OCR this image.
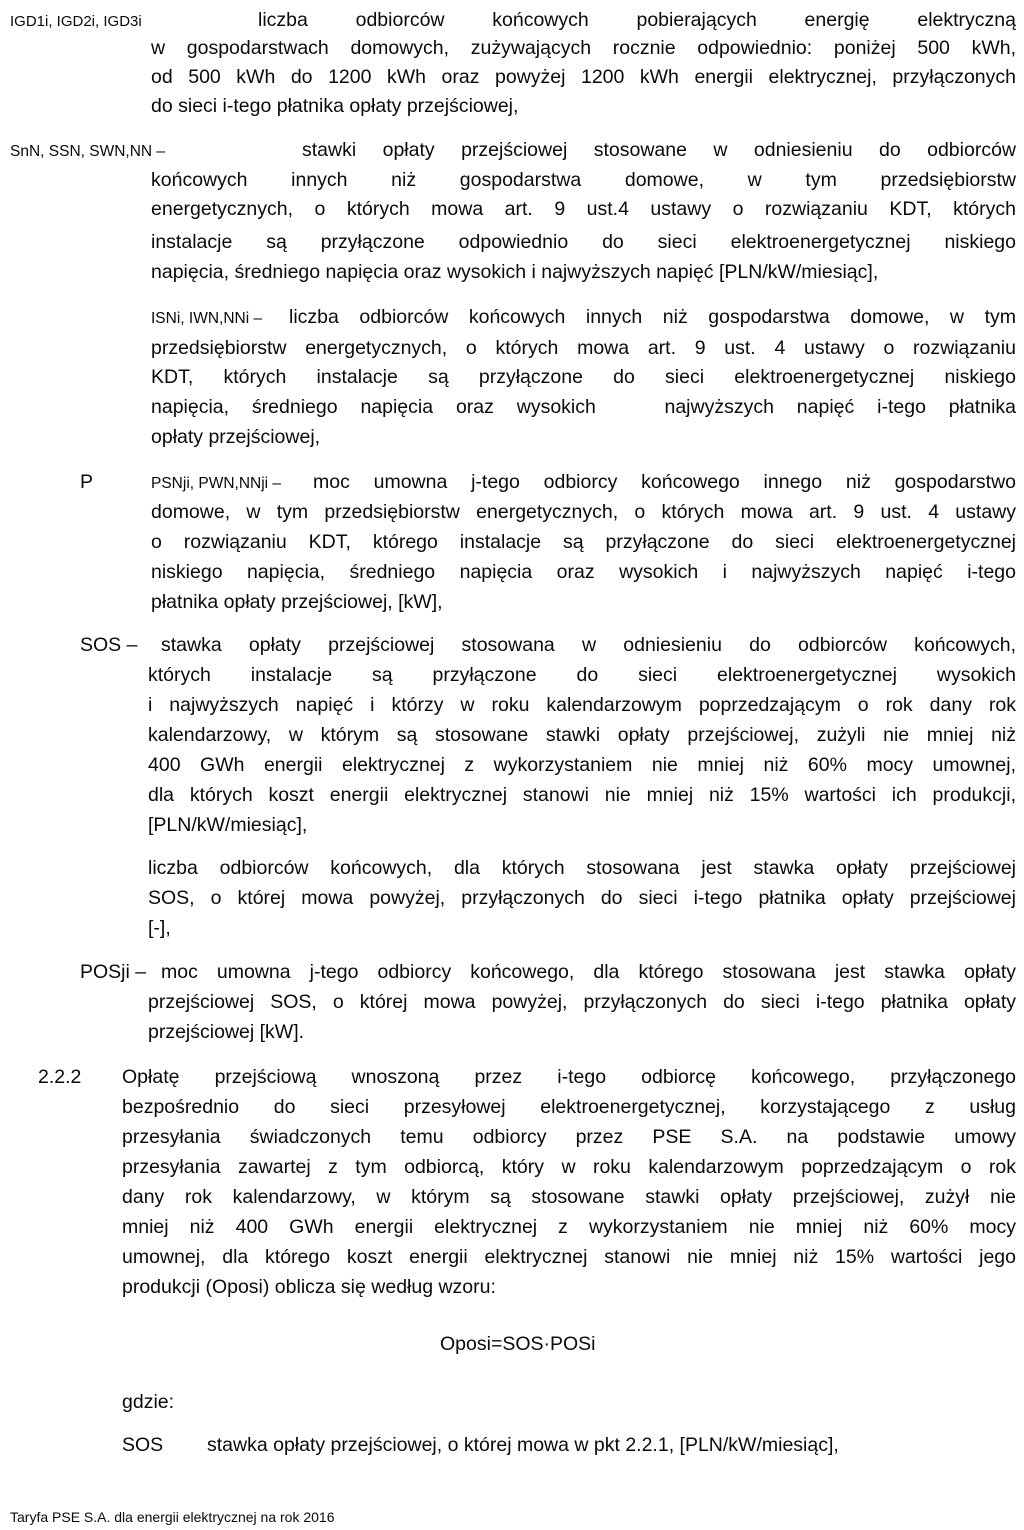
IGD1i, IGD2i, IGD3i	liczba odbiorców końcowych pobierających energię elektryczną
w gospodarstwach domowych, zużywających rocznie odpowiednio: poniżej 500 kWh,
od 500 kWh do 1200 kWh oraz powyżej 1200 kWh energii elektrycznej, przyłączonych
do sieci i-tego płatnika opłaty przejściowej,
SnN, SSN, SWN,NN –	stawki opłaty przejściowej stosowane w odniesieniu do odbiorców
końcowych innych niż gospodarstwa domowe, w tym przedsiębiorstw
energetycznych, o których mowa art. 9 ust.4 ustawy o rozwiązaniu KDT, których
instalacje są przyłączone odpowiednio do sieci elektroenergetycznej niskiego
napięcia, średniego napięcia oraz wysokich i najwyższych napięć [PLN/kW/miesiąc],
ISNi, IWN,NNi – liczba odbiorców końcowych innych niż gospodarstwa domowe, w tym
przedsiębiorstw energetycznych, o których mowa art. 9 ust. 4 ustawy o rozwiązaniu
KDT, których instalacje są przyłączone do sieci elektroenergetycznej niskiego
napięcia, średniego napięcia oraz wysokich   najwyższych napięć i-tego płatnika
opłaty przejściowej,
P	PSNji, PWN,NNji – moc umowna j-tego odbiorcy końcowego innego niż gospodarstwo
domowe, w tym przedsiębiorstw energetycznych, o których mowa art. 9 ust. 4 ustawy
o rozwiązaniu KDT, którego instalacje są przyłączone do sieci elektroenergetycznej
niskiego napięcia, średniego napięcia oraz wysokich i najwyższych napięć i-tego
płatnika opłaty przejściowej, [kW],
SOS – stawka opłaty przejściowej stosowana w odniesieniu do odbiorców końcowych,
których instalacje są przyłączone do sieci elektroenergetycznej wysokich
i najwyższych napięć i którzy w roku kalendarzowym poprzedzającym o rok dany rok
kalendarzowy, w którym są stosowane stawki opłaty przejściowej, zużyli nie mniej niż
400 GWh energii elektrycznej z wykorzystaniem nie mniej niż 60% mocy umownej,
dla których koszt energii elektrycznej stanowi nie mniej niż 15% wartości ich produkcji,
[PLN/kW/miesiąc],
liczba odbiorców końcowych, dla których stosowana jest stawka opłaty przejściowej
SOS, o której mowa powyżej, przyłączonych do sieci i-tego płatnika opłaty przejściowej
[-],
POSji – moc umowna j-tego odbiorcy końcowego, dla którego stosowana jest stawka opłaty
przejściowej SOS, o której mowa powyżej, przyłączonych do sieci i-tego płatnika opłaty
przejściowej [kW].
2.2.2 Opłatę przejściową wnoszoną przez i-tego odbiorcę końcowego, przyłączonego
bezpośrednio do sieci przesyłowej elektroenergetycznej, korzystającego z usług
przesyłania świadczonych temu odbiorcy przez PSE S.A. na podstawie umowy
przesyłania zawartej z tym odbiorcą, który w roku kalendarzowym poprzedzającym o rok
dany rok kalendarzowy, w którym są stosowane stawki opłaty przejściowej, zużył nie
mniej niż 400 GWh energii elektrycznej z wykorzystaniem nie mniej niż 60% mocy
umownej, dla którego koszt energii elektrycznej stanowi nie mniej niż 15% wartości jego
produkcji (Oposi) oblicza się według wzoru:
Oposi=SOS·POSi
gdzie:
SOS stawka opłaty przejściowej, o której mowa w pkt 2.2.1, [PLN/kW/miesiąc],
Taryfa PSE S.A. dla energii elektrycznej na rok 2016
